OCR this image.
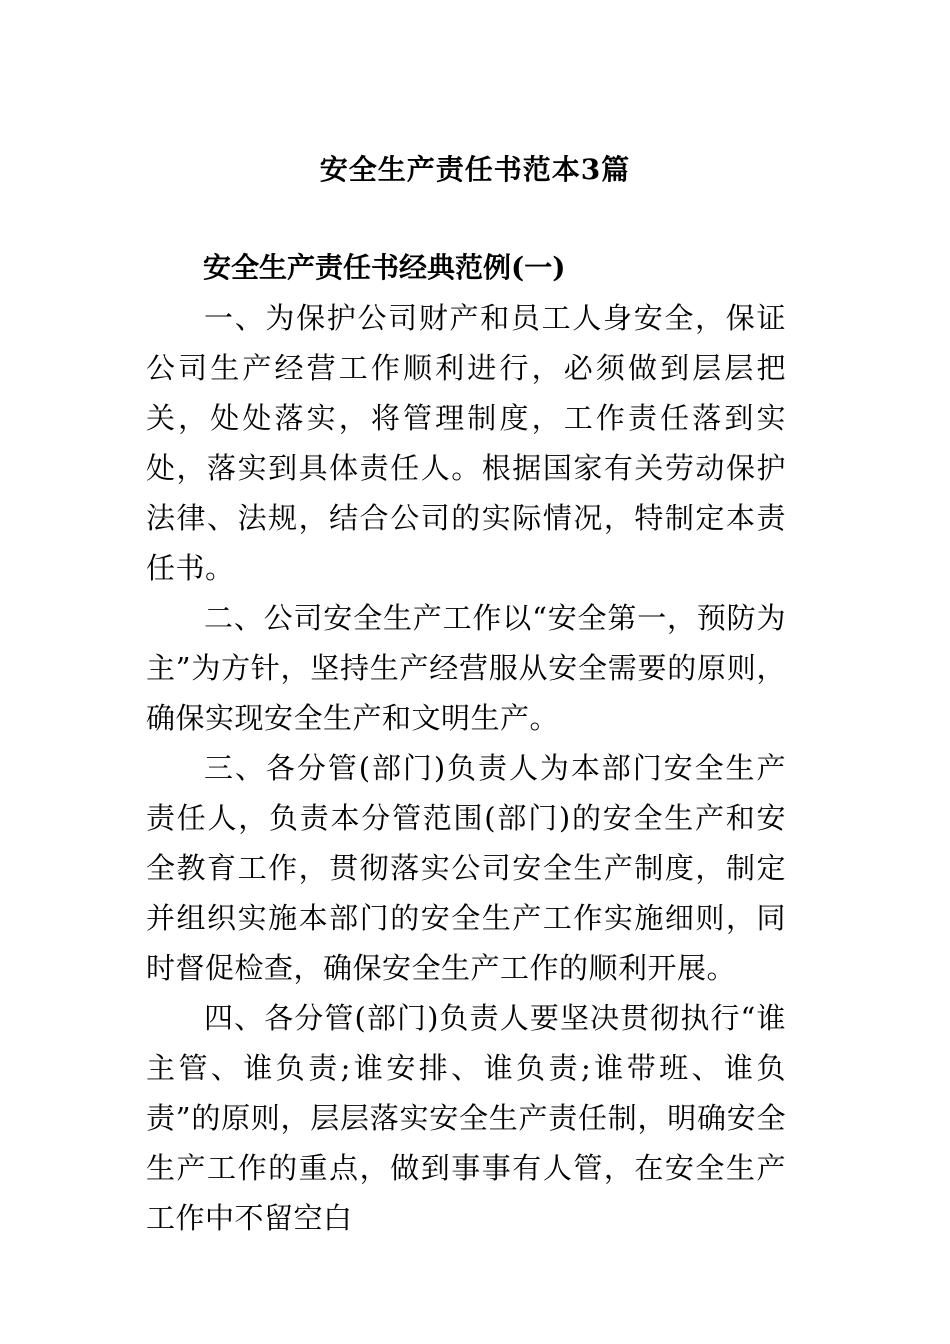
安全生产责任书范本3篇
安全生产责任书经典范例(一)

一、为保护公司财产和员工人身安全，保证公司生产经营工作顺利进行，必须做到层层把关，处处落实，将管理制度，工作责任落到实处，落实到具体责任人。根据国家有关劳动保护法律、法规，结合公司的实际情况，特制定本责任书。

二、公司安全生产工作以“安全第一，预防为主”为方针，坚持生产经营服从安全需要的原则，确保实现安全生产和文明生产。

三、各分管(部门)负责人为本部门安全生产责任人，负责本分管范围(部门)的安全生产和安全教育工作，贯彻落实公司安全生产制度，制定并组织实施本部门的安全生产工作实施细则，同时督促检查，确保安全生产工作的顺利开展。

四、各分管(部门)负责人要坚决贯彻执行“谁主管、谁负责;谁安排、谁负责;谁带班、谁负责”的原则，层层落实安全生产责任制，明确安全生产工作的重点，做到事事有人管，在安全生产工作中不留空白
